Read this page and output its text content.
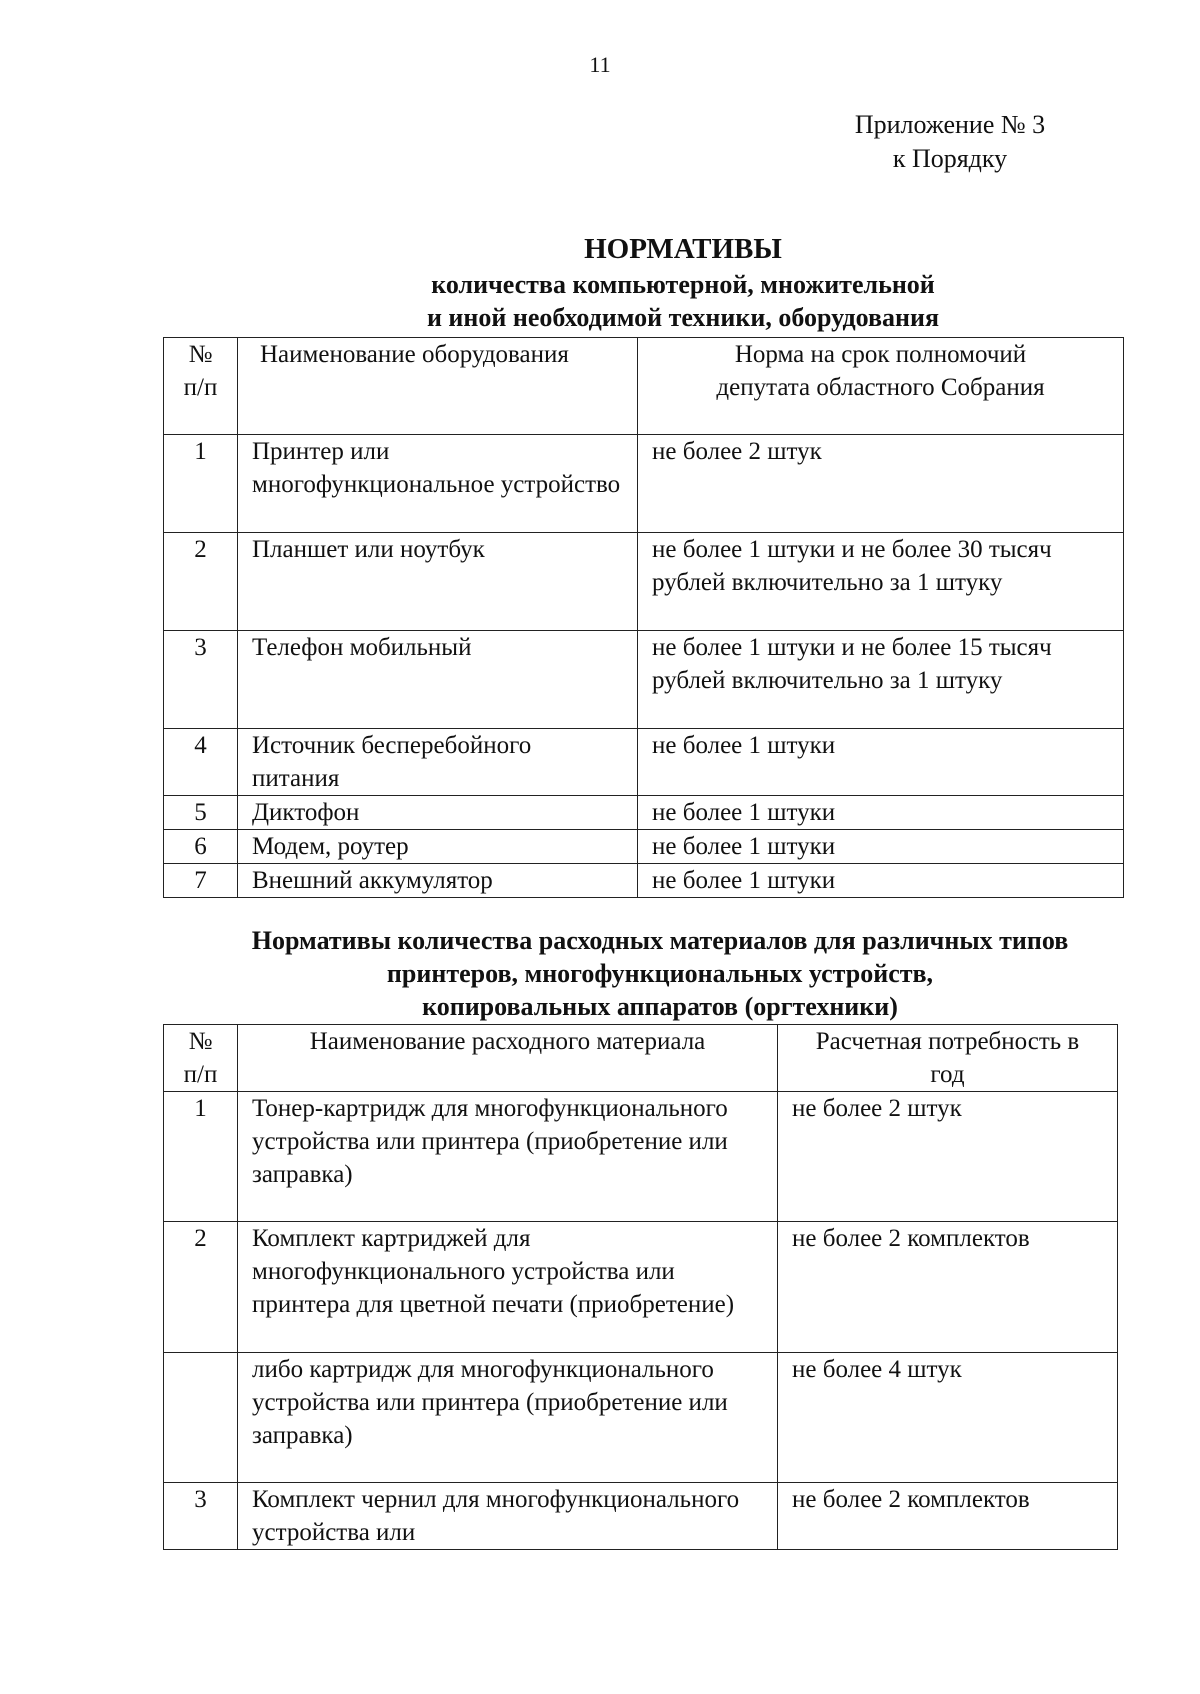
11
Приложение № 3
к Порядку
НОРМАТИВЫ
количества компьютерной, множительной
и иной необходимой техники, оборудования
№ п/п	Наименование оборудования	Норма на срок полномочий депутата областного Собрания
1	Принтер или многофункциональное устройство	не более 2 штук
2	Планшет или ноутбук	не более 1 штуки и не более 30 тысяч рублей включительно за 1 штуку
3	Телефон мобильный	не более 1 штуки и не более 15 тысяч рублей включительно за 1 штуку
4	Источник бесперебойного питания	не более 1 штуки
5	Диктофон	не более 1 штуки
6	Модем, роутер	не более 1 штуки
7	Внешний аккумулятор	не более 1 штуки
Нормативы количества расходных материалов для различных типов
принтеров, многофункциональных устройств,
копировальных аппаратов (оргтехники)
№ п/п	Наименование расходного материала	Расчетная потребность в год
1	Тонер-картридж для многофункционального устройства или принтера (приобретение или заправка)	не более 2 штук
2	Комплект картриджей для многофункционального устройства или принтера для цветной печати (приобретение)	не более 2 комплектов
	либо картридж для многофункционального устройства или принтера (приобретение или заправка)	не более 4 штук
3	Комплект чернил для многофункционального устройства или	не более 2 комплектов
